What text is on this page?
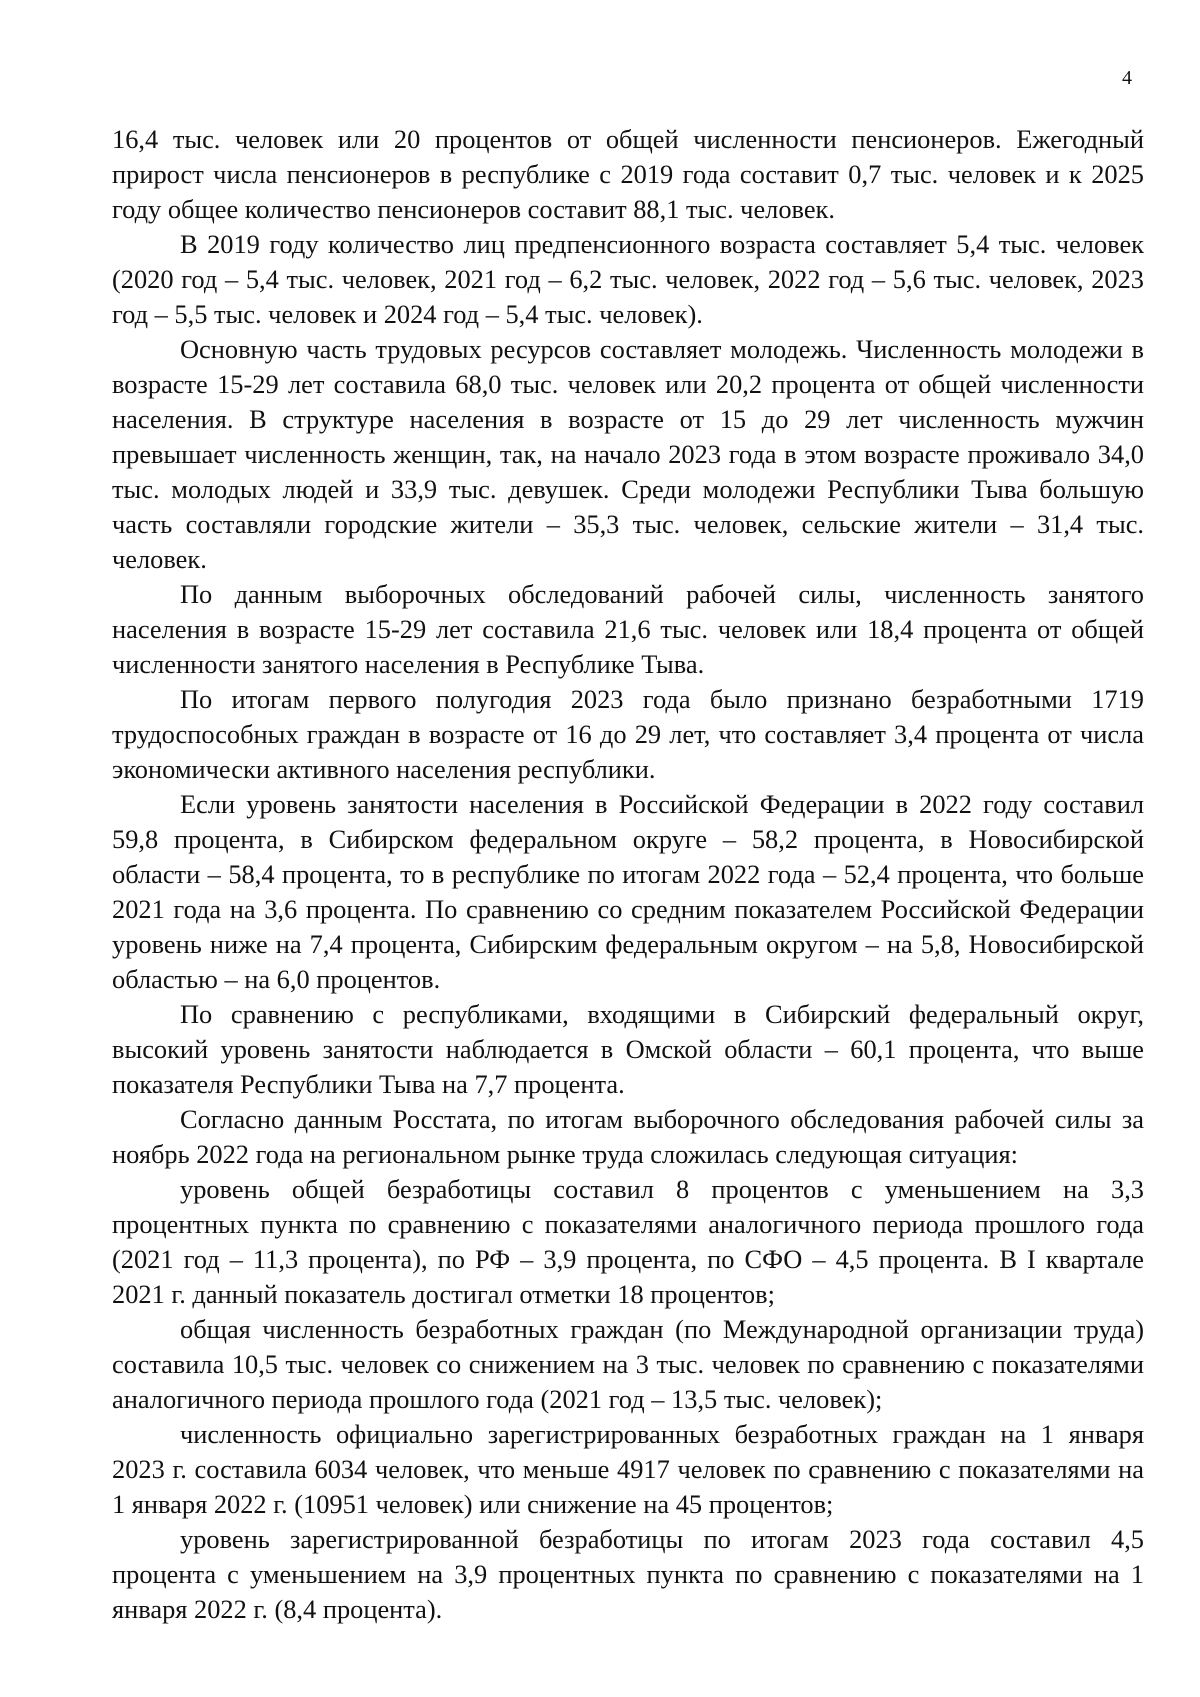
4

16,4 тыс. человек или 20 процентов от общей численности пенсионеров. Ежегодный прирост числа пенсионеров в республике с 2019 года составит 0,7 тыс. человек и к 2025 году общее количество пенсионеров составит 88,1 тыс. человек.

В 2019 году количество лиц предпенсионного возраста составляет 5,4 тыс. человек (2020 год – 5,4 тыс. человек, 2021 год – 6,2 тыс. человек, 2022 год – 5,6 тыс. человек, 2023 год – 5,5 тыс. человек и 2024 год – 5,4 тыс. человек).

Основную часть трудовых ресурсов составляет молодежь. Численность молодежи в возрасте 15-29 лет составила 68,0 тыс. человек или 20,2 процента от общей численности населения. В структуре населения в возрасте от 15 до 29 лет численность мужчин превышает численность женщин, так, на начало 2023 года в этом возрасте проживало 34,0 тыс. молодых людей и 33,9 тыс. девушек. Среди молодежи Республики Тыва большую часть составляли городские жители – 35,3 тыс. человек, сельские жители – 31,4 тыс. человек.

По данным выборочных обследований рабочей силы, численность занятого населения в возрасте 15-29 лет составила 21,6 тыс. человек или 18,4 процента от общей численности занятого населения в Республике Тыва.

По итогам первого полугодия 2023 года было признано безработными 1719 трудоспособных граждан в возрасте от 16 до 29 лет, что составляет 3,4 процента от числа экономически активного населения республики.

Если уровень занятости населения в Российской Федерации в 2022 году составил 59,8 процента, в Сибирском федеральном округе – 58,2 процента, в Новосибирской области – 58,4 процента, то в республике по итогам 2022 года – 52,4 процента, что больше 2021 года на 3,6 процента. По сравнению со средним показателем Российской Федерации уровень ниже на 7,4 процента, Сибирским федеральным округом – на 5,8, Новосибирской областью – на 6,0 процентов.

По сравнению с республиками, входящими в Сибирский федеральный округ, высокий уровень занятости наблюдается в Омской области – 60,1 процента, что выше показателя Республики Тыва на 7,7 процента.

Согласно данным Росстата, по итогам выборочного обследования рабочей силы за ноябрь 2022 года на региональном рынке труда сложилась следующая ситуация:

уровень общей безработицы составил 8 процентов с уменьшением на 3,3 процентных пункта по сравнению с показателями аналогичного периода прошлого года (2021 год – 11,3 процента), по РФ – 3,9 процента, по СФО – 4,5 процента. В I квартале 2021 г. данный показатель достигал отметки 18 процентов;

общая численность безработных граждан (по Международной организации труда) составила 10,5 тыс. человек со снижением на 3 тыс. человек по сравнению с показателями аналогичного периода прошлого года (2021 год – 13,5 тыс. человек);

численность официально зарегистрированных безработных граждан на 1 января 2023 г. составила 6034 человек, что меньше 4917 человек по сравнению с показателями на 1 января 2022 г. (10951 человек) или снижение на 45 процентов;

уровень зарегистрированной безработицы по итогам 2023 года составил 4,5 процента с уменьшением на 3,9 процентных пункта по сравнению с показателями на 1 января 2022 г. (8,4 процента).
